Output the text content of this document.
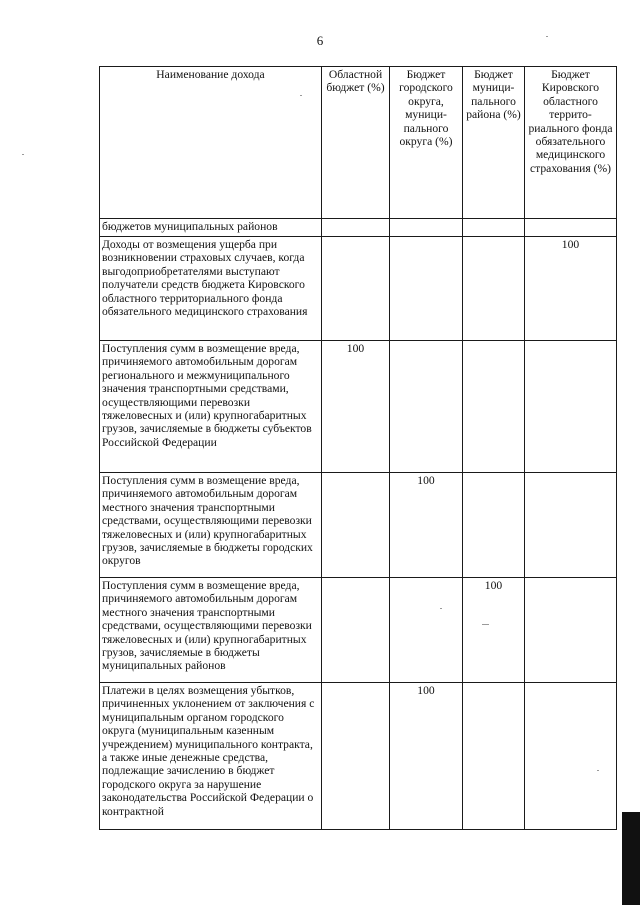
6
Наименование дохода	Областной бюджет (%)	Бюджет городского округа, муници-пального округа (%)	Бюджет муници-пального района (%)	Бюджет Кировского областного террито-риального фонда обязательного медицинского страхования (%)
бюджетов муниципальных районов				
Доходы от возмещения ущерба при возникновении страховых случаев, когда выгодоприобретателями выступают получатели средств бюджета Кировского областного территориального фонда обязательного медицинского страхования				100
Поступления сумм в возмещение вреда, причиняемого автомобильным дорогам регионального и межмуниципального значения транспортными средствами, осуществляющими перевозки тяжеловесных и (или) крупногабаритных грузов, зачисляемые в бюджеты субъектов Российской Федерации	100			
Поступления сумм в возмещение вреда, причиняемого автомобильным дорогам местного значения транспортными средствами, осуществляющими перевозки тяжеловесных и (или) крупногабаритных грузов, зачисляемые в бюджеты городских округов		100		
Поступления сумм в возмещение вреда, причиняемого автомобильным дорогам местного значения транспортными средствами, осуществляющими перевозки тяжеловесных и (или) крупногабаритных грузов, зачисляемые в бюджеты муниципальных районов			100	
Платежи в целях возмещения убытков, причиненных уклонением от заключения с муниципальным органом городского округа (муниципальным казенным учреждением) муниципального контракта, а также иные денежные средства, подлежащие зачислению в бюджет городского округа за нарушение законодательства Российской Федерации о контрактной		100		
